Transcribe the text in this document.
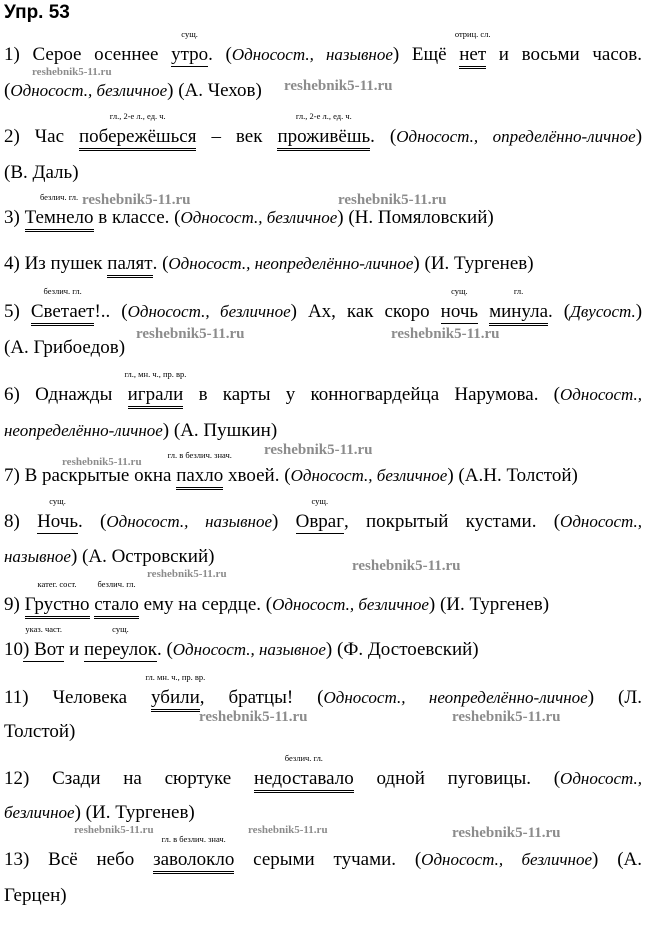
Упр. 53
1) Серое осеннее
сущ.
утро. (Односост., назывное) Ещё
отриц. сл.
нет и восьми часов.
(Односост., безличное) (А. Чехов)
2) Час
гл., 2-е л., ед. ч.
побережёшься – век
гл., 2-е л., ед. ч.
проживёшь. (Односост., определённо-личное)
(В. Даль)
3)
безлич. гл.
Темнело в классе. (Односост., безличное) (Н. Помяловский)
4) Из пушек палят. (Односост., неопределённо-личное) (И. Тургенев)
5)
безлич. гл.
Светает!.. (Односост., безличное) Ах, как скоро
сущ.
ночь
гл.
минула. (Двусост.)
(А. Грибоедов)
6) Однажды
гл., мн. ч., пр. вр.
играли в карты у конногвардейца Нарумова. (Односост.,
неопределённо-личное) (А. Пушкин)
7) В раскрытые окна
гл. в безлич. знач.
пахло хвоей. (Односост., безличное) (А.Н. Толстой)
8)
сущ.
Ночь. (Односост., назывное)
сущ.
Овраг, покрытый кустами. (Односост.,
назывное) (А. Островский)
9)
катег. сост.
Грустно
безлич. гл.
стало ему на сердце. (Односост., безличное) (И. Тургенев)
10
указ. част.
) Вот и
сущ.
переулок. (Односост., назывное) (Ф. Достоевский)
11) Человека
гл. мн. ч., пр. вр.
убили, братцы! (Односост., неопределённо-личное) (Л.
Толстой)
12) Сзади на сюртуке
безлич. гл.
недоставало одной пуговицы. (Односост.,
безличное) (И. Тургенев)
13) Всё небо
гл. в безлич. знач.
заволокло серыми тучами. (Односост., безличное) (А.
Герцен)
reshebnik5-11.ru
reshebnik5-11.ru
reshebnik5-11.ru	reshebnik5-11.ru
reshebnik5-11.ru	reshebnik5-11.ru
reshebnik5-11.ru
reshebnik5-11.ru
reshebnik5-11.ru
reshebnik5-11.ru
reshebnik5-11.ru	reshebnik5-11.ru
reshebnik5-11.ru	reshebnik5-11.ru	reshebnik5-11.ru
